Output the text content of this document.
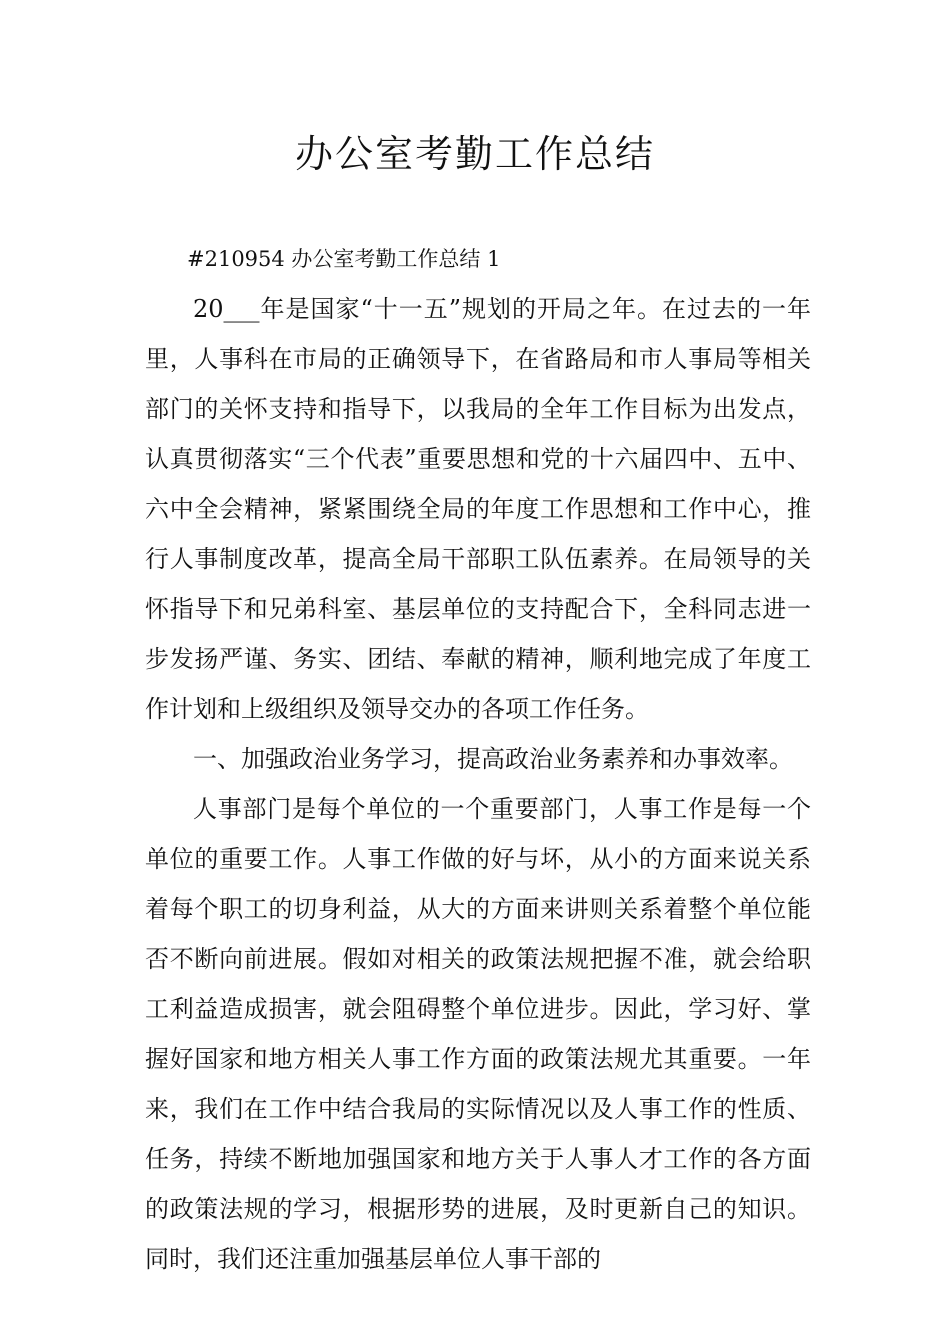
办公室考勤工作总结

#210954 办公室考勤工作总结 1

20___年是国家“十一五”规划的开局之年。在过去的一年里，人事科在市局的正确领导下，在省路局和市人事局等相关部门的关怀支持和指导下，以我局的全年工作目标为出发点，认真贯彻落实“三个代表”重要思想和党的十六届四中、五中、六中全会精神，紧紧围绕全局的年度工作思想和工作中心，推行人事制度改革，提高全局干部职工队伍素养。在局领导的关怀指导下和兄弟科室、基层单位的支持配合下，全科同志进一步发扬严谨、务实、团结、奉献的精神，顺利地完成了年度工作计划和上级组织及领导交办的各项工作任务。

一、加强政治业务学习，提高政治业务素养和办事效率。

人事部门是每个单位的一个重要部门，人事工作是每一个单位的重要工作。人事工作做的好与坏，从小的方面来说关系着每个职工的切身利益，从大的方面来讲则关系着整个单位能否不断向前进展。假如对相关的政策法规把握不准，就会给职工利益造成损害，就会阻碍整个单位进步。因此，学习好、掌握好国家和地方相关人事工作方面的政策法规尤其重要。一年来，我们在工作中结合我局的实际情况以及人事工作的性质、任务，持续不断地加强国家和地方关于人事人才工作的各方面的政策法规的学习，根据形势的进展，及时更新自己的知识。同时，我们还注重加强基层单位人事干部的
